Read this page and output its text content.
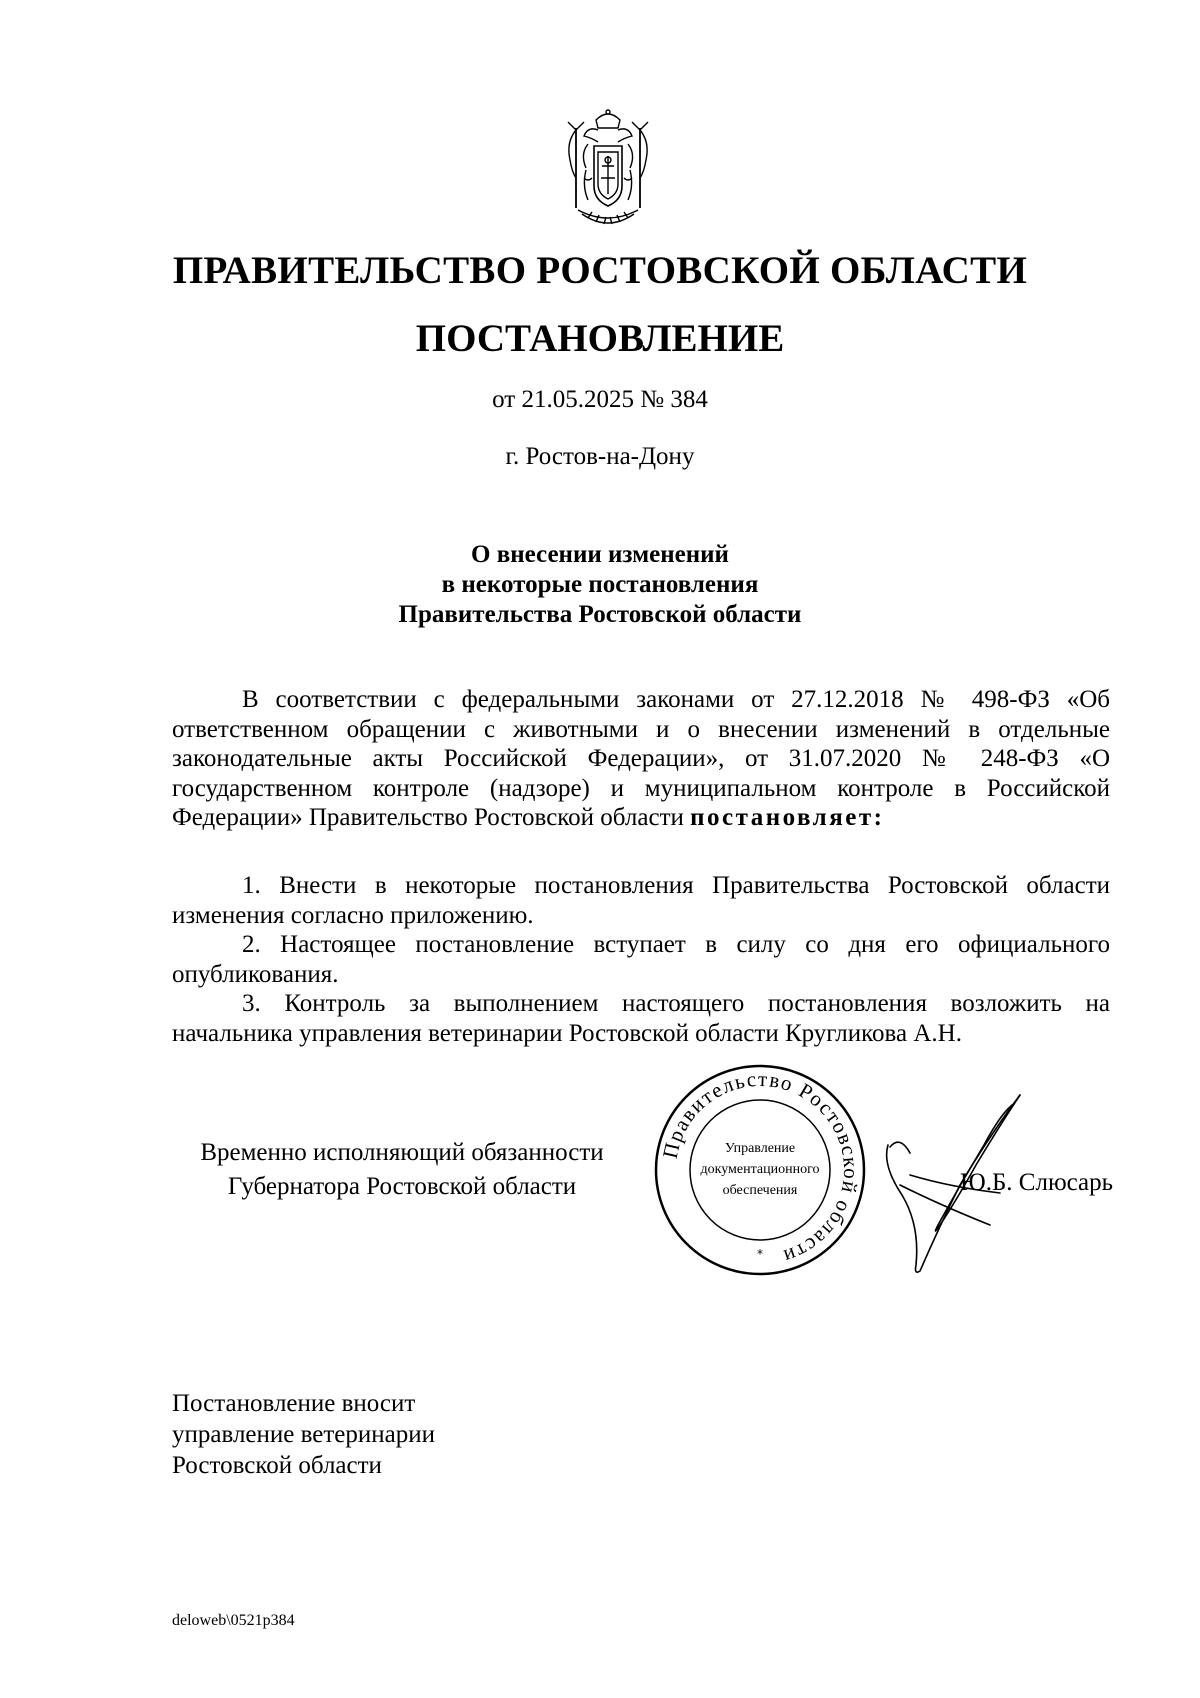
ПРАВИТЕЛЬСТВО РОСТОВСКОЙ ОБЛАСТИ
ПОСТАНОВЛЕНИЕ
от 21.05.2025 № 384
г. Ростов-на-Дону
О внесении изменений
в некоторые постановления
Правительства Ростовской области

В соответствии с федеральными законами от 27.12.2018 № 498-ФЗ «Об ответственном обращении с животными и о внесении изменений в отдельные законодательные акты Российской Федерации», от 31.07.2020 № 248-ФЗ «О государственном контроле (надзоре) и муниципальном контроле в Российской Федерации» Правительство Ростовской области постановляет:

1. Внести в некоторые постановления Правительства Ростовской области изменения согласно приложению.

2. Настоящее постановление вступает в силу со дня его официального опубликования.

3. Контроль за выполнением настоящего постановления возложить на начальника управления ветеринарии Ростовской области Кругликова А.Н.

Временно исполняющий обязанности
Губернатора Ростовской области
Правительство Ростовской области
Управление
документационного
обеспечения
*
Ю.Б. Слюсарь
Постановление вносит
управление ветеринарии
Ростовской области
deloweb\0521p384
